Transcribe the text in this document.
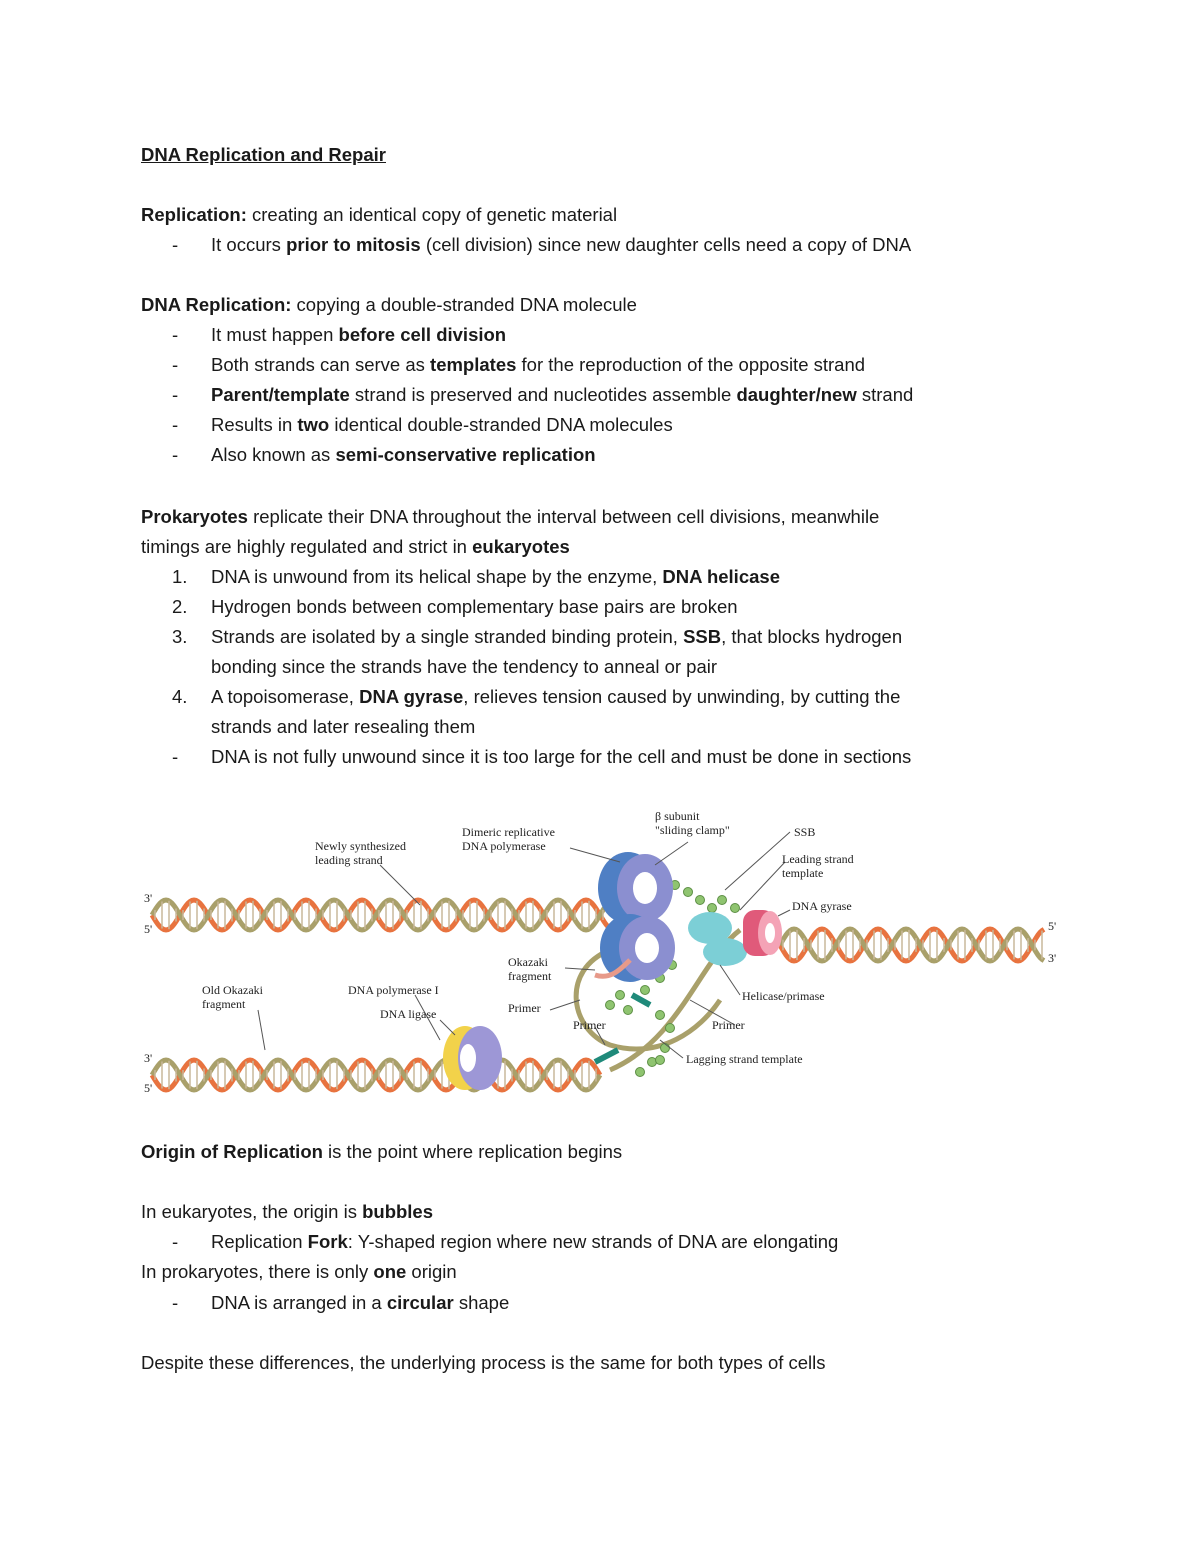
DNA Replication and Repair
Replication: creating an identical copy of genetic material
- It occurs prior to mitosis (cell division) since new daughter cells need a copy of DNA
DNA Replication: copying a double-stranded DNA molecule
- It must happen before cell division
- Both strands can serve as templates for the reproduction of the opposite strand
- Parent/template strand is preserved and nucleotides assemble daughter/new strand
- Results in two identical double-stranded DNA molecules
- Also known as semi-conservative replication
Prokaryotes replicate their DNA throughout the interval between cell divisions, meanwhile
timings are highly regulated and strict in eukaryotes
1. DNA is unwound from its helical shape by the enzyme, DNA helicase
2. Hydrogen bonds between complementary base pairs are broken
3. Strands are isolated by a single stranded binding protein, SSB, that blocks hydrogen
bonding since the strands have the tendency to anneal or pair
4. A topoisomerase, DNA gyrase, relieves tension caused by unwinding, by cutting the
strands and later resealing them
- DNA is not fully unwound since it is too large for the cell and must be done in sections
Newly synthesized leading strand
Dimeric replicative DNA polymerase
β subunit "sliding clamp"	SSB
Leading strand template
DNA gyrase
Okazaki fragment
Old Okazaki fragment
DNA polymerase I
DNA ligase	Primer
Primer	Primer
Helicase/primase
Lagging strand template
3'
5'
3'
5'
5'
3'
Origin of Replication is the point where replication begins
In eukaryotes, the origin is bubbles
- Replication Fork: Y-shaped region where new strands of DNA are elongating
In prokaryotes, there is only one origin
- DNA is arranged in a circular shape
Despite these differences, the underlying process is the same for both types of cells
